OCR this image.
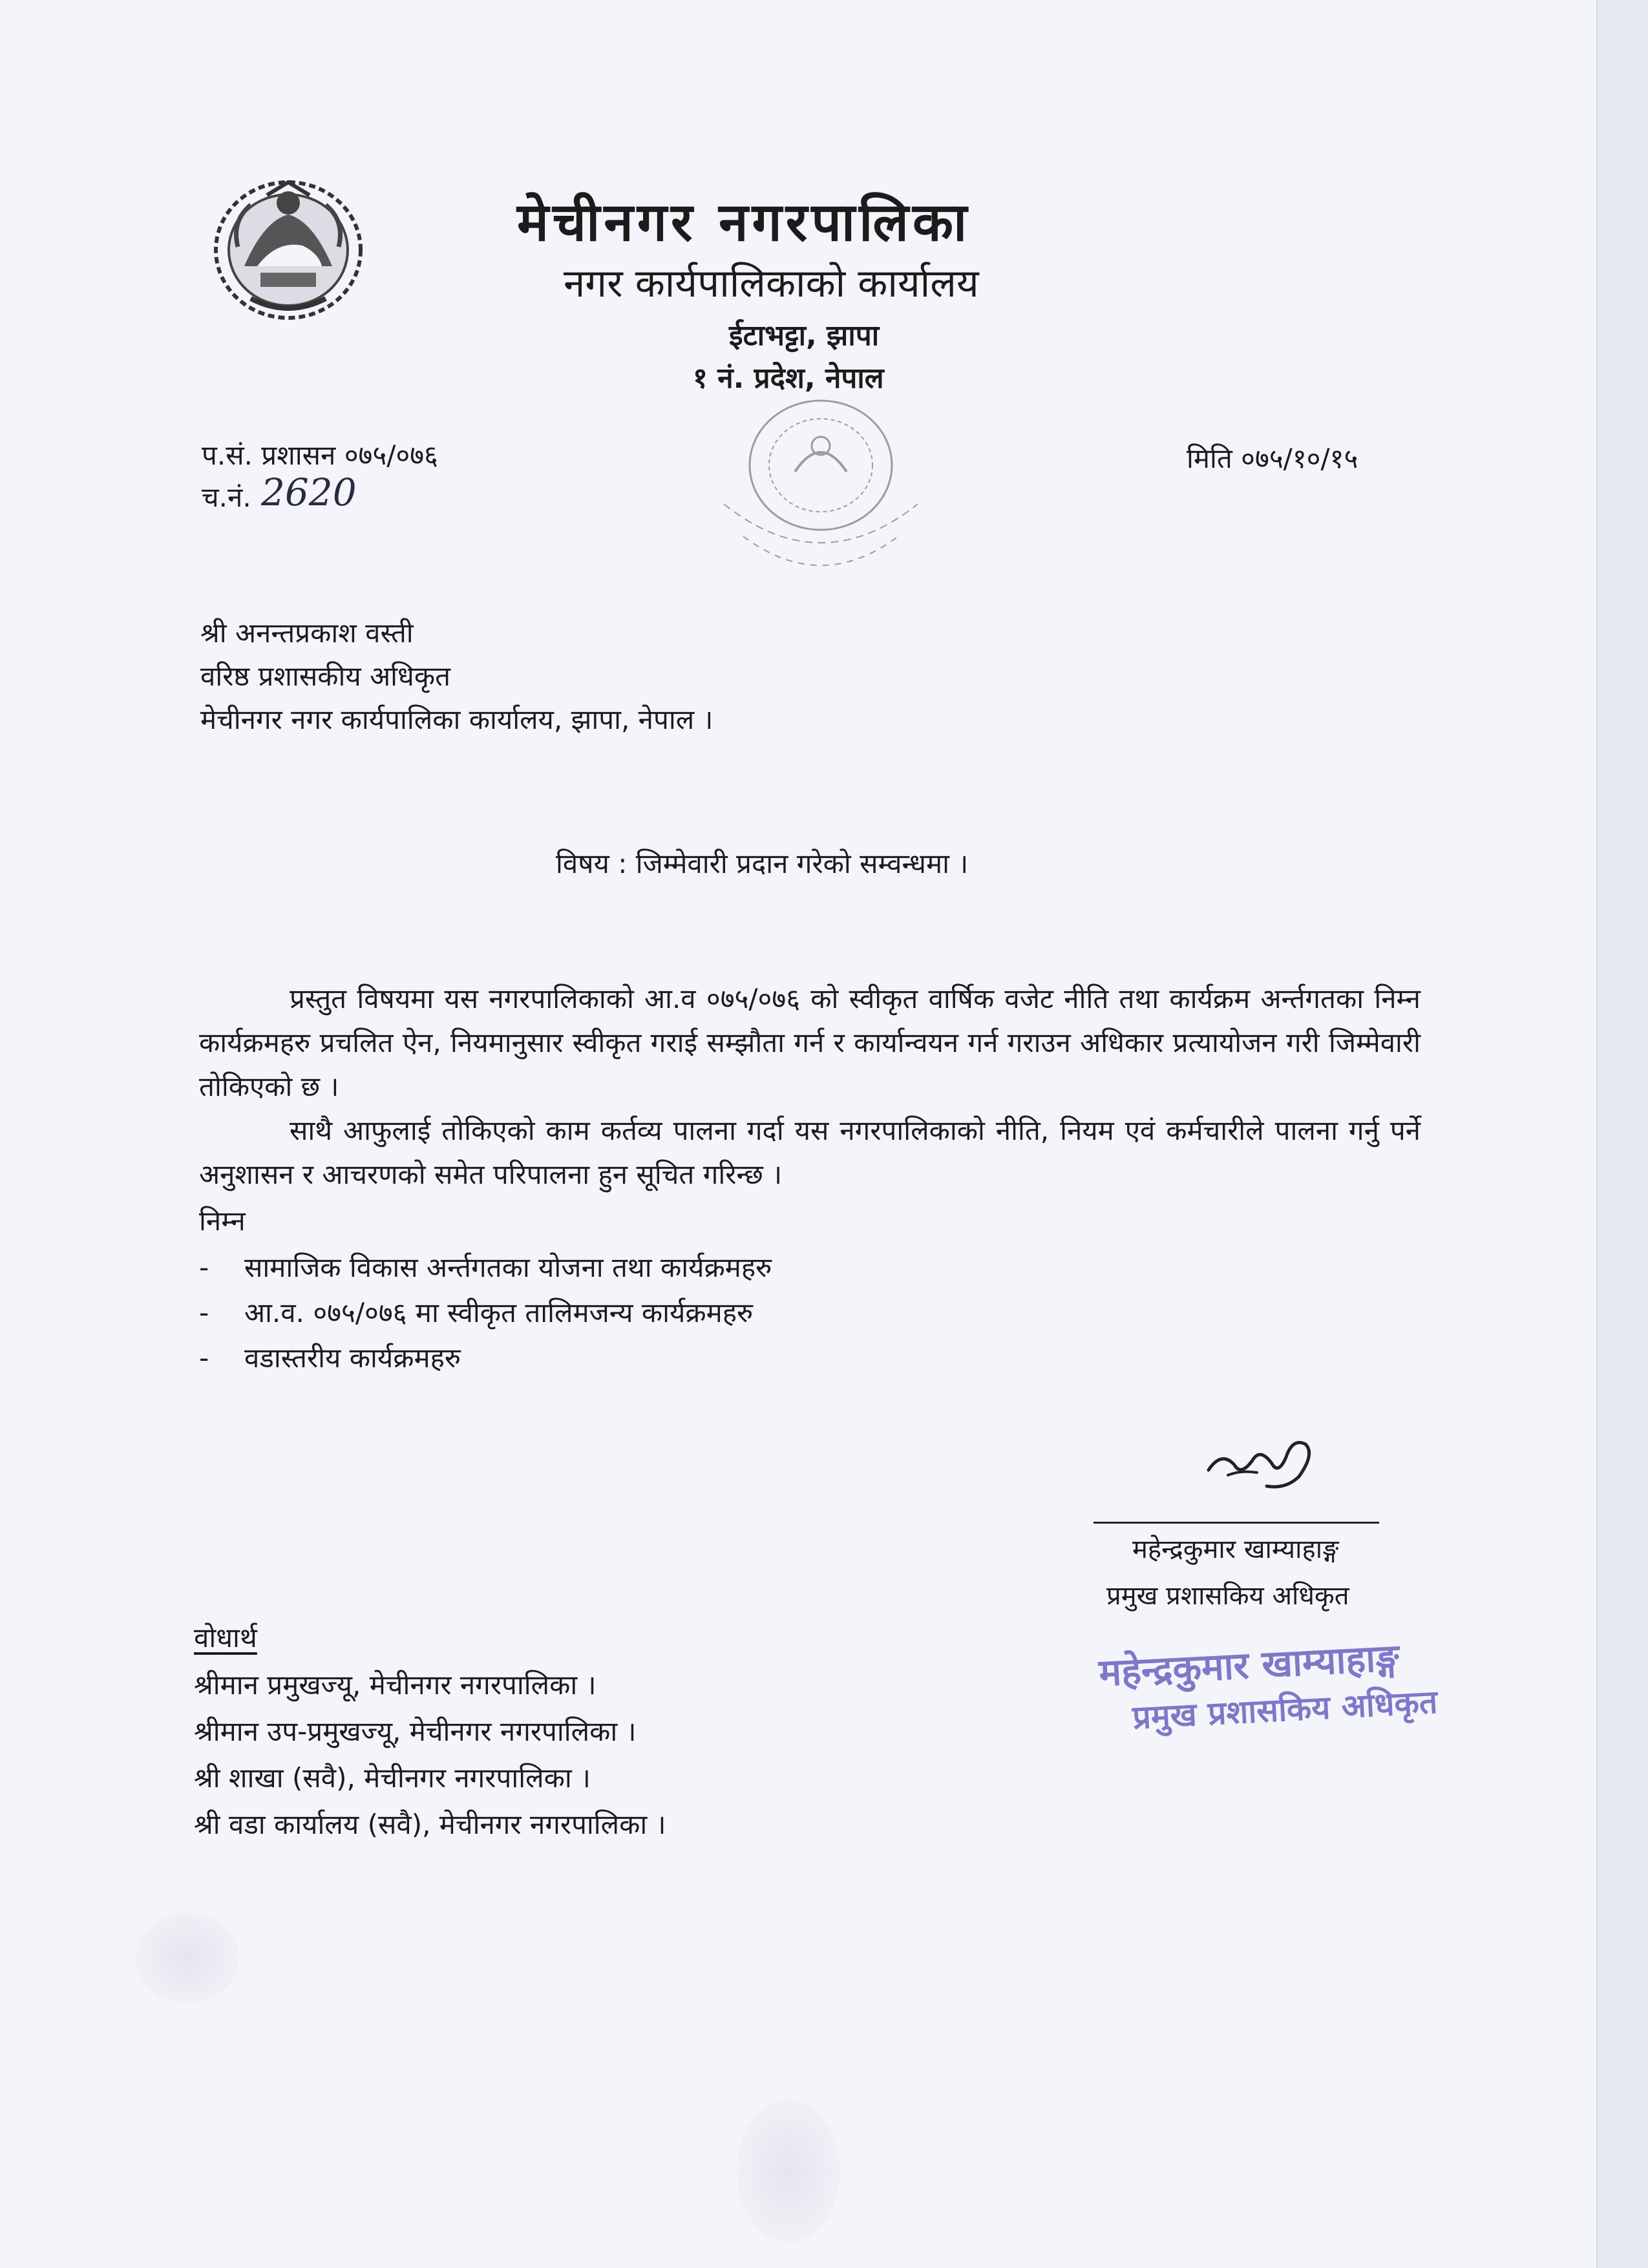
मेचीनगर नगरपालिका
नगर कार्यपालिकाको कार्यालय
ईटाभट्टा, झापा
१ नं. प्रदेश, नेपाल
प.सं. प्रशासन ०७५/०७६
च.नं. 2620
मिति ०७५/१०/१५
श्री अनन्तप्रकाश वस्ती
वरिष्ठ प्रशासकीय अधिकृत
मेचीनगर नगर कार्यपालिका कार्यालय, झापा, नेपाल ।
विषय : जिम्मेवारी प्रदान गरेको सम्वन्धमा ।
प्रस्तुत विषयमा यस नगरपालिकाको आ.व ०७५/०७६ को स्वीकृत वार्षिक वजेट नीति तथा कार्यक्रम अर्न्तगतका निम्न कार्यक्रमहरु प्रचलित ऐन, नियमानुसार स्वीकृत गराई सम्झौता गर्न र कार्यान्वयन गर्न गराउन अधिकार प्रत्यायोजन गरी जिम्मेवारी तोकिएको छ ।
साथै आफुलाई तोकिएको काम कर्तव्य पालना गर्दा यस नगरपालिकाको नीति, नियम एवं कर्मचारीले पालना गर्नु पर्ने अनुशासन र आचरणको समेत परिपालना हुन सूचित गरिन्छ ।
निम्न
- सामाजिक विकास अर्न्तगतका योजना तथा कार्यक्रमहरु
- आ.व. ०७५/०७६ मा स्वीकृत तालिमजन्य कार्यक्रमहरु
- वडास्तरीय कार्यक्रमहरु
महेन्द्रकुमार खाम्याहाङ्ग
प्रमुख प्रशासकिय अधिकृत
महेन्द्रकुमार खाम्याहाङ्ग
प्रमुख प्रशासकिय अधिकृत
वोधार्थ
श्रीमान प्रमुखज्यू, मेचीनगर नगरपालिका ।
श्रीमान उप-प्रमुखज्यू, मेचीनगर नगरपालिका ।
श्री शाखा (सवै), मेचीनगर नगरपालिका ।
श्री वडा कार्यालय (सवै), मेचीनगर नगरपालिका ।
